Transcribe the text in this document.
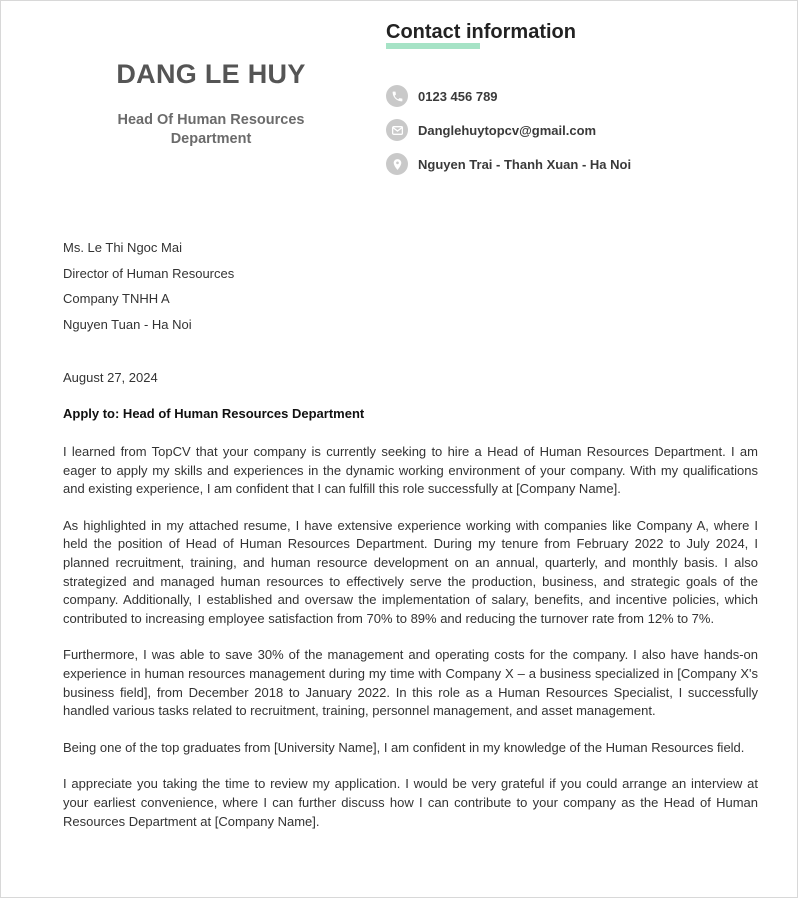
DANG LE HUY
Head Of Human Resources Department
Contact information
0123 456 789
Danglehuytopcv@gmail.com
Nguyen Trai - Thanh Xuan - Ha Noi
Ms. Le Thi Ngoc Mai
Director of Human Resources
Company TNHH A
Nguyen Tuan - Ha Noi
August 27, 2024
Apply to: Head of Human Resources Department

I learned from TopCV that your company is currently seeking to hire a Head of Human Resources Department. I am eager to apply my skills and experiences in the dynamic working environment of your company. With my qualifications and existing experience, I am confident that I can fulfill this role successfully at [Company Name].

As highlighted in my attached resume, I have extensive experience working with companies like Company A, where I held the position of Head of Human Resources Department. During my tenure from February 2022 to July 2024, I planned recruitment, training, and human resource development on an annual, quarterly, and monthly basis. I also strategized and managed human resources to effectively serve the production, business, and strategic goals of the company. Additionally, I established and oversaw the implementation of salary, benefits, and incentive policies, which contributed to increasing employee satisfaction from 70% to 89% and reducing the turnover rate from 12% to 7%.

Furthermore, I was able to save 30% of the management and operating costs for the company. I also have hands-on experience in human resources management during my time with Company X – a business specialized in [Company X's business field], from December 2018 to January 2022. In this role as a Human Resources Specialist, I successfully handled various tasks related to recruitment, training, personnel management, and asset management.

Being one of the top graduates from [University Name], I am confident in my knowledge of the Human Resources field.

I appreciate you taking the time to review my application. I would be very grateful if you could arrange an interview at your earliest convenience, where I can further discuss how I can contribute to your company as the Head of Human Resources Department at [Company Name].
